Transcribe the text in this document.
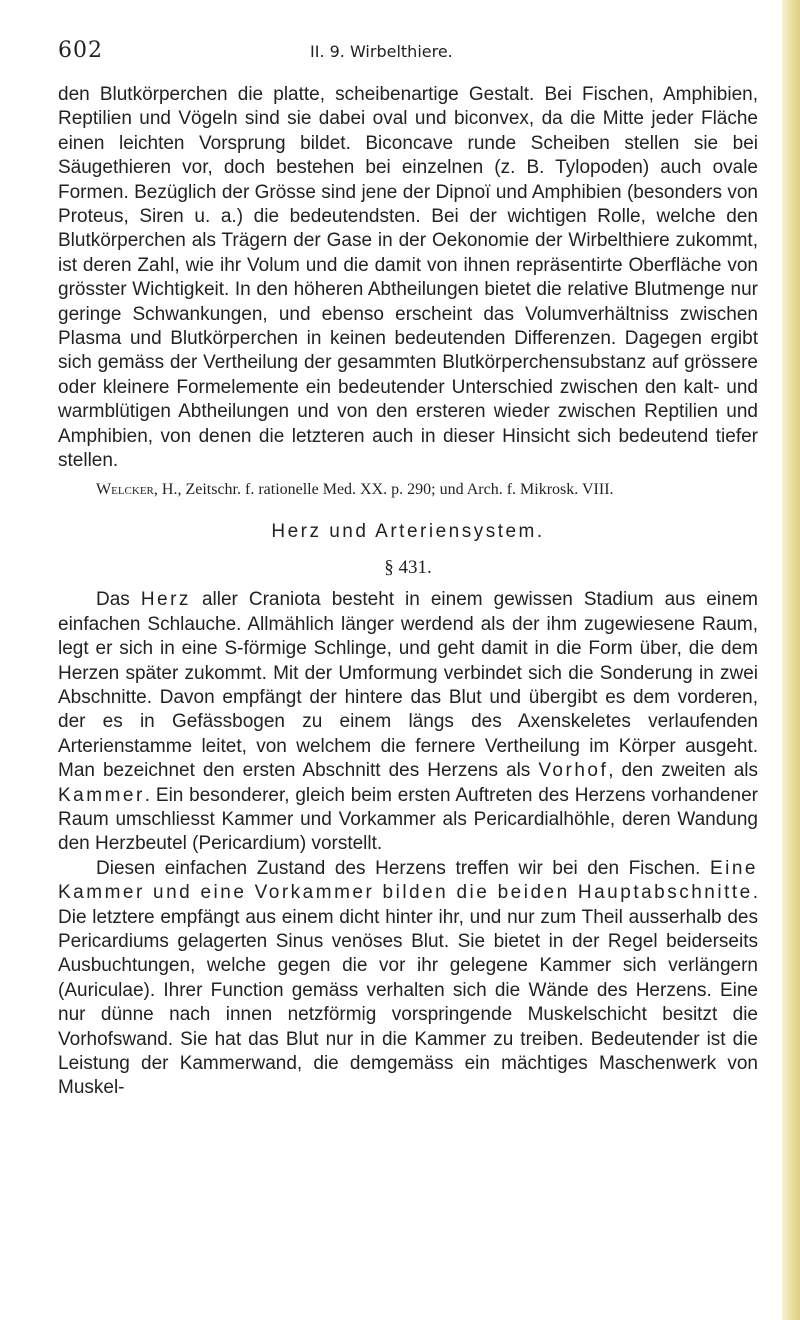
602	II. 9. Wirbelthiere.

den Blutkörperchen die platte, scheibenartige Gestalt. Bei Fischen, Amphibien, Reptilien und Vögeln sind sie dabei oval und biconvex, da die Mitte jeder Fläche einen leichten Vorsprung bildet. Biconcave runde Scheiben stellen sie bei Säugethieren vor, doch bestehen bei einzelnen (z. B. Tylopoden) auch ovale Formen. Bezüglich der Grösse sind jene der Dipnoï und Amphibien (besonders von Proteus, Siren u. a.) die bedeutendsten. Bei der wichtigen Rolle, welche den Blutkörperchen als Trägern der Gase in der Oekonomie der Wirbelthiere zukommt, ist deren Zahl, wie ihr Volum und die damit von ihnen repräsentirte Oberfläche von grösster Wichtigkeit. In den höheren Abtheilungen bietet die relative Blutmenge nur geringe Schwankungen, und ebenso erscheint das Volumverhältniss zwischen Plasma und Blutkörperchen in keinen bedeutenden Differenzen. Dagegen ergibt sich gemäss der Vertheilung der gesammten Blutkörperchensubstanz auf grössere oder kleinere Formelemente ein bedeutender Unterschied zwischen den kalt- und warmblütigen Abtheilungen und von den ersteren wieder zwischen Reptilien und Amphibien, von denen die letzteren auch in dieser Hinsicht sich bedeutend tiefer stellen.

Welcker, H., Zeitschr. f. rationelle Med. XX. p. 290; und Arch. f. Mikrosk. VIII.

Herz und Arteriensystem.
§ 431.

Das Herz aller Craniota besteht in einem gewissen Stadium aus einem einfachen Schlauche. Allmählich länger werdend als der ihm zugewiesene Raum, legt er sich in eine S-förmige Schlinge, und geht damit in die Form über, die dem Herzen später zukommt. Mit der Umformung verbindet sich die Sonderung in zwei Abschnitte. Davon empfängt der hintere das Blut und übergibt es dem vorderen, der es in Gefässbogen zu einem längs des Axenskeletes verlaufenden Arterienstamme leitet, von welchem die fernere Vertheilung im Körper ausgeht. Man bezeichnet den ersten Abschnitt des Herzens als Vorhof, den zweiten als Kammer. Ein besonderer, gleich beim ersten Auftreten des Herzens vorhandener Raum umschliesst Kammer und Vorkammer als Pericardialhöhle, deren Wandung den Herzbeutel (Pericardium) vorstellt.

Diesen einfachen Zustand des Herzens treffen wir bei den Fischen. Eine Kammer und eine Vorkammer bilden die beiden Hauptabschnitte. Die letztere empfängt aus einem dicht hinter ihr, und nur zum Theil ausserhalb des Pericardiums gelagerten Sinus venöses Blut. Sie bietet in der Regel beiderseits Ausbuchtungen, welche gegen die vor ihr gelegene Kammer sich verlängern (Auriculae). Ihrer Function gemäss verhalten sich die Wände des Herzens. Eine nur dünne nach innen netzförmig vorspringende Muskelschicht besitzt die Vorhofswand. Sie hat das Blut nur in die Kammer zu treiben. Bedeutender ist die Leistung der Kammerwand, die demgemäss ein mächtiges Maschenwerk von Muskel-
